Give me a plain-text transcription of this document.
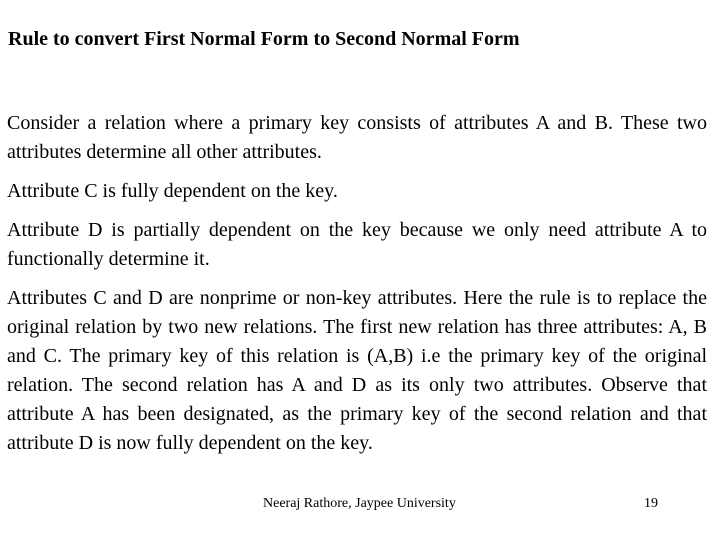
Rule to convert First Normal Form to Second Normal Form

Consider a relation where a primary key consists of attributes A and B. These two attributes determine all other attributes.

Attribute C is fully dependent on the key.

Attribute D is partially dependent on the key because we only need attribute A to functionally determine it.

Attributes C and D are nonprime or non-key attributes. Here the rule is to replace the original relation by two new relations. The first new relation has three attributes: A, B and C. The primary key of this relation is (A,B) i.e the primary key of the original relation. The second relation has A and D as its only two attributes. Observe that attribute A has been designated, as the primary key of the second relation and that attribute D is now fully dependent on the key.

Neeraj Rathore, Jaypee University	19
